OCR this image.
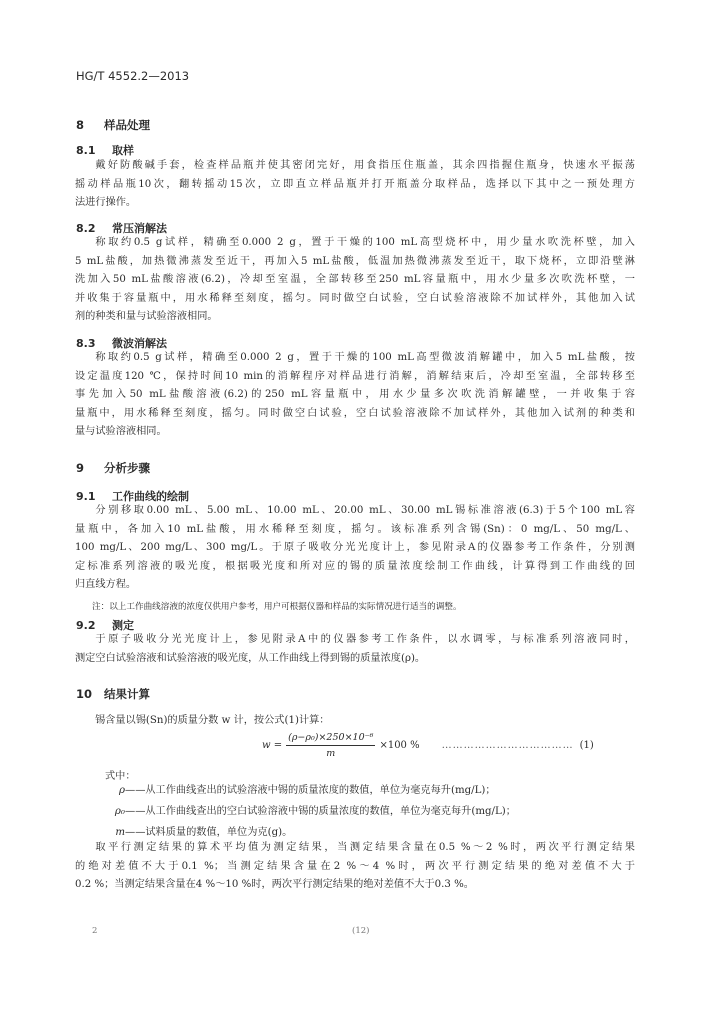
HG/T 4552.2—2013
8 样品处理
8.1 取样
戴好防酸碱手套，检查样品瓶并使其密闭完好，用食指压住瓶盖，其余四指握住瓶身，快速水平振荡
摇动样品瓶10次，翻转摇动15次，立即直立样品瓶并打开瓶盖分取样品，选择以下其中之一预处理方
法进行操作。
8.2 常压消解法
称取约0.5 g试样，精确至0.000 2 g，置于干燥的100 mL高型烧杯中，用少量水吹洗杯壁，加入
5 mL盐酸，加热微沸蒸发至近干，再加入5 mL盐酸，低温加热微沸蒸发至近干，取下烧杯，立即沿壁淋
洗加入50 mL盐酸溶液(6.2)，冷却至室温，全部转移至250 mL容量瓶中，用水少量多次吹洗杯壁，一
并收集于容量瓶中，用水稀释至刻度，摇匀。同时做空白试验，空白试验溶液除不加试样外，其他加入试
剂的种类和量与试验溶液相同。
8.3 微波消解法
称取约0.5 g试样，精确至0.000 2 g，置于干燥的100 mL高型微波消解罐中，加入5 mL盐酸，按
设定温度120 ℃，保持时间10 min的消解程序对样品进行消解，消解结束后，冷却至室温，全部转移至
事先加入50 mL盐酸溶液(6.2)的250 mL容量瓶中，用水少量多次吹洗消解罐壁，一并收集于容
量瓶中，用水稀释至刻度，摇匀。同时做空白试验，空白试验溶液除不加试样外，其他加入试剂的种类和
量与试验溶液相同。
9 分析步骤
9.1 工作曲线的绘制
分别移取0.00 mL、5.00 mL、10.00 mL、20.00 mL、30.00 mL锡标准溶液(6.3)于5个100 mL容
量瓶中，各加入10 mL盐酸，用水稀释至刻度，摇匀。该标准系列含锡(Sn)：0 mg/L、50 mg/L、
100 mg/L、200 mg/L、300 mg/L。于原子吸收分光光度计上，参见附录A的仪器参考工作条件，分别测
定标准系列溶液的吸光度，根据吸光度和所对应的锡的质量浓度绘制工作曲线，计算得到工作曲线的回
归直线方程。
注：以上工作曲线溶液的浓度仅供用户参考，用户可根据仪器和样品的实际情况进行适当的调整。
9.2 测定
于原子吸收分光光度计上，参见附录A中的仪器参考工作条件，以水调零，与标准系列溶液同时，
测定空白试验溶液和试验溶液的吸光度，从工作曲线上得到锡的质量浓度(ρ)。
10 结果计算
锡含量以锡(Sn)的质量分数 w 计，按公式(1)计算：
$w = \frac{\text{(ρ−ρ₀)×250×10⁻⁶}}{m} \times 100$ % ……………………………… (1)
式中：
ρ——从工作曲线查出的试验溶液中锡的质量浓度的数值，单位为毫克每升(mg/L)；
ρ₀——从工作曲线查出的空白试验溶液中锡的质量浓度的数值，单位为毫克每升(mg/L)；
m——试料质量的数值，单位为克(g)。
取平行测定结果的算术平均值为测定结果，当测定结果含量在0.5 %～2 %时，两次平行测定结果
的绝对差值不大于0.1 %；当测定结果含量在2 %～4 %时，两次平行测定结果的绝对差值不大于
0.2 %；当测定结果含量在4 %～10 %时，两次平行测定结果的绝对差值不大于0.3 %。
2	(12)
